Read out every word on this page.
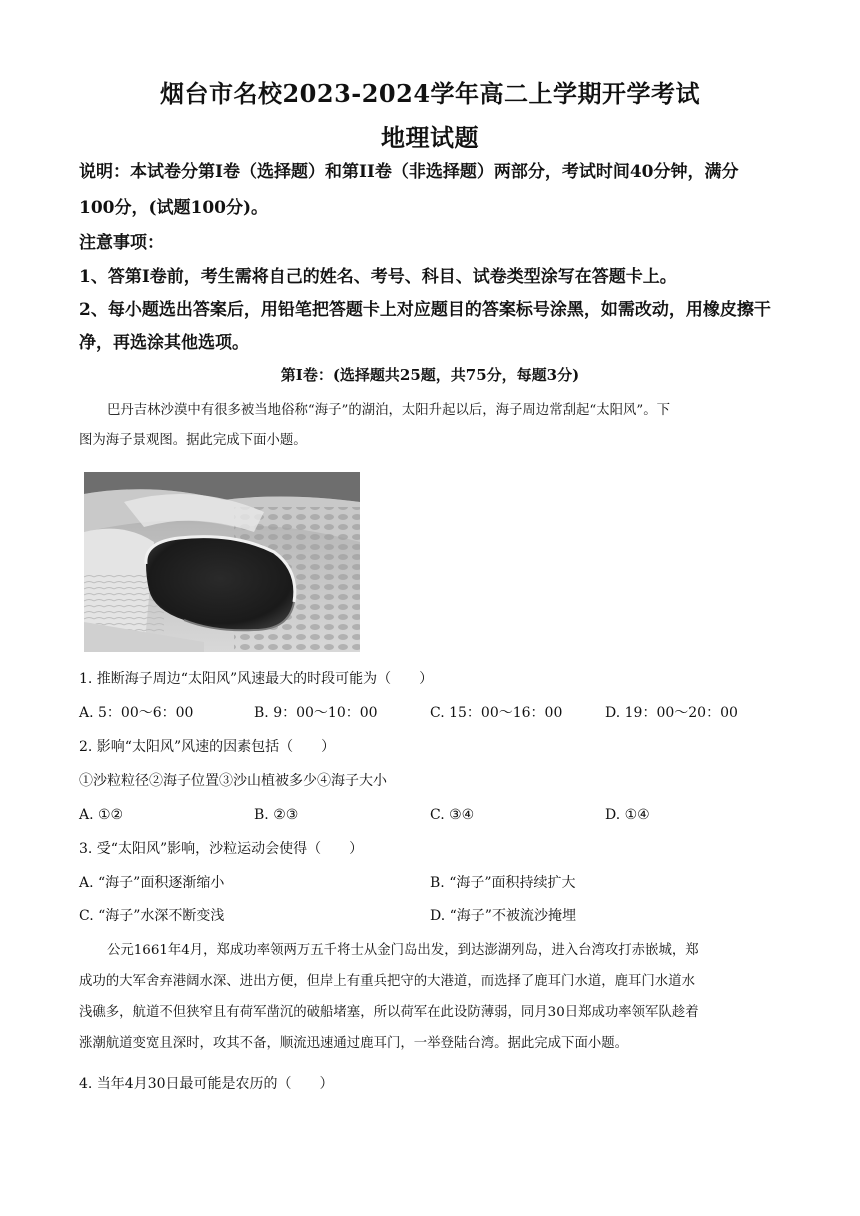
烟台市名校2023-2024学年高二上学期开学考试
地理试题
说明：本试卷分第Ⅰ卷（选择题）和第II卷（非选择题）两部分，考试时间40分钟，满分
100分，(试题100分)。
注意事项：
1、答第Ⅰ卷前，考生需将自己的姓名、考号、科目、试卷类型涂写在答题卡上。
2、每小题选出答案后，用铅笔把答题卡上对应题目的答案标号涂黑，如需改动，用橡皮擦干
净，再选涂其他选项。
第Ⅰ卷：(选择题共25题，共75分，每题3分)
巴丹吉林沙漠中有很多被当地俗称“海子”的湖泊，太阳升起以后，海子周边常刮起“太阳风”。下
图为海子景观图。据此完成下面小题。
1. 推断海子周边“太阳风”风速最大的时段可能为（　　）
A. 5：00～6：00	B. 9：00～10：00	C. 15：00～16：00	D. 19：00～20：00
2. 影响“太阳风”风速的因素包括（　　）
①沙粒粒径②海子位置③沙山植被多少④海子大小
A. ①②	B. ②③	C. ③④	D. ①④
3. 受“太阳风”影响，沙粒运动会使得（　　）
A. “海子”面积逐渐缩小	B. “海子”面积持续扩大
C. “海子”水深不断变浅	D. “海子”不被流沙掩埋
公元1661年4月，郑成功率领两万五千将士从金门岛出发，到达澎湖列岛，进入台湾攻打赤嵌城，郑
成功的大军舍弃港阔水深、进出方便，但岸上有重兵把守的大港道，而选择了鹿耳门水道，鹿耳门水道水
浅礁多，航道不但狭窄且有荷军凿沉的破船堵塞，所以荷军在此设防薄弱，同月30日郑成功率领军队趁着
涨潮航道变宽且深时，攻其不备，顺流迅速通过鹿耳门，一举登陆台湾。据此完成下面小题。
4. 当年4月30日最可能是农历的（　　）
